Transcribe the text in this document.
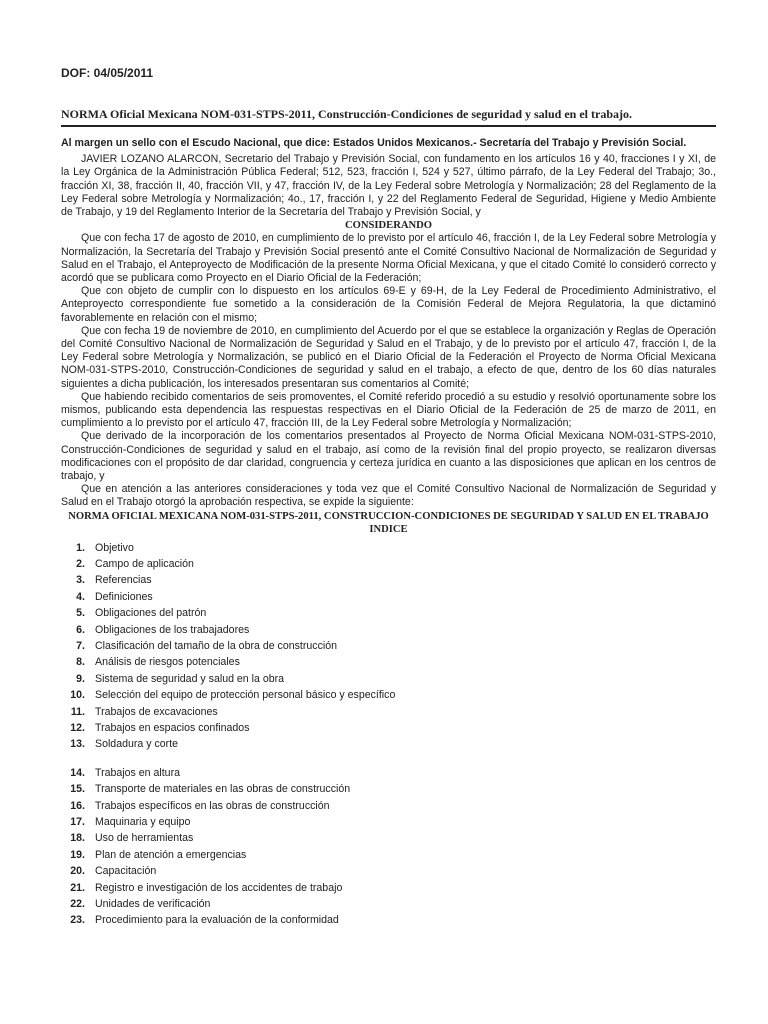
DOF: 04/05/2011
NORMA Oficial Mexicana NOM-031-STPS-2011, Construcción-Condiciones de seguridad y salud en el trabajo.

Al margen un sello con el Escudo Nacional, que dice: Estados Unidos Mexicanos.- Secretaría del Trabajo y Previsión Social.

JAVIER LOZANO ALARCON, Secretario del Trabajo y Previsión Social, con fundamento en los artículos 16 y 40, fracciones I y XI, de la Ley Orgánica de la Administración Pública Federal; 512, 523, fracción I, 524 y 527, último párrafo, de la Ley Federal del Trabajo; 3o., fracción XI, 38, fracción II, 40, fracción VII, y 47, fracción IV, de la Ley Federal sobre Metrología y Normalización; 28 del Reglamento de la Ley Federal sobre Metrología y Normalización; 4o., 17, fracción I, y 22 del Reglamento Federal de Seguridad, Higiene y Medio Ambiente de Trabajo, y 19 del Reglamento Interior de la Secretaría del Trabajo y Previsión Social, y

CONSIDERANDO

Que con fecha 17 de agosto de 2010, en cumplimiento de lo previsto por el artículo 46, fracción I, de la Ley Federal sobre Metrología y Normalización, la Secretaría del Trabajo y Previsión Social presentó ante el Comité Consultivo Nacional de Normalización de Seguridad y Salud en el Trabajo, el Anteproyecto de Modificación de la presente Norma Oficial Mexicana, y que el citado Comité lo consideró correcto y acordó que se publicara como Proyecto en el Diario Oficial de la Federación;

Que con objeto de cumplir con lo dispuesto en los artículos 69-E y 69-H, de la Ley Federal de Procedimiento Administrativo, el Anteproyecto correspondiente fue sometido a la consideración de la Comisión Federal de Mejora Regulatoria, la que dictaminó favorablemente en relación con el mismo;

Que con fecha 19 de noviembre de 2010, en cumplimiento del Acuerdo por el que se establece la organización y Reglas de Operación del Comité Consultivo Nacional de Normalización de Seguridad y Salud en el Trabajo, y de lo previsto por el artículo 47, fracción I, de la Ley Federal sobre Metrología y Normalización, se publicó en el Diario Oficial de la Federación el Proyecto de Norma Oficial Mexicana NOM-031-STPS-2010, Construcción-Condiciones de seguridad y salud en el trabajo, a efecto de que, dentro de los 60 días naturales siguientes a dicha publicación, los interesados presentaran sus comentarios al Comité;

Que habiendo recibido comentarios de seis promoventes, el Comité referido procedió a su estudio y resolvió oportunamente sobre los mismos, publicando esta dependencia las respuestas respectivas en el Diario Oficial de la Federación de 25 de marzo de 2011, en cumplimiento a lo previsto por el artículo 47, fracción III, de la Ley Federal sobre Metrología y Normalización;

Que derivado de la incorporación de los comentarios presentados al Proyecto de Norma Oficial Mexicana NOM-031-STPS-2010, Construcción-Condiciones de seguridad y salud en el trabajo, así como de la revisión final del propio proyecto, se realizaron diversas modificaciones con el propósito de dar claridad, congruencia y certeza jurídica en cuanto a las disposiciones que aplican en los centros de trabajo, y

Que en atención a las anteriores consideraciones y toda vez que el Comité Consultivo Nacional de Normalización de Seguridad y Salud en el Trabajo otorgó la aprobación respectiva, se expide la siguiente:

NORMA OFICIAL MEXICANA NOM-031-STPS-2011, CONSTRUCCION-CONDICIONES DE SEGURIDAD Y SALUD EN EL TRABAJO

INDICE

1. Objetivo
2. Campo de aplicación
3. Referencias
4. Definiciones
5. Obligaciones del patrón
6. Obligaciones de los trabajadores
7. Clasificación del tamaño de la obra de construcción
8. Análisis de riesgos potenciales
9. Sistema de seguridad y salud en la obra
10. Selección del equipo de protección personal básico y específico
11. Trabajos de excavaciones
12. Trabajos en espacios confinados
13. Soldadura y corte
14. Trabajos en altura
15. Transporte de materiales en las obras de construcción
16. Trabajos específicos en las obras de construcción
17. Maquinaria y equipo
18. Uso de herramientas
19. Plan de atención a emergencias
20. Capacitación
21. Registro e investigación de los accidentes de trabajo
22. Unidades de verificación
23. Procedimiento para la evaluación de la conformidad
